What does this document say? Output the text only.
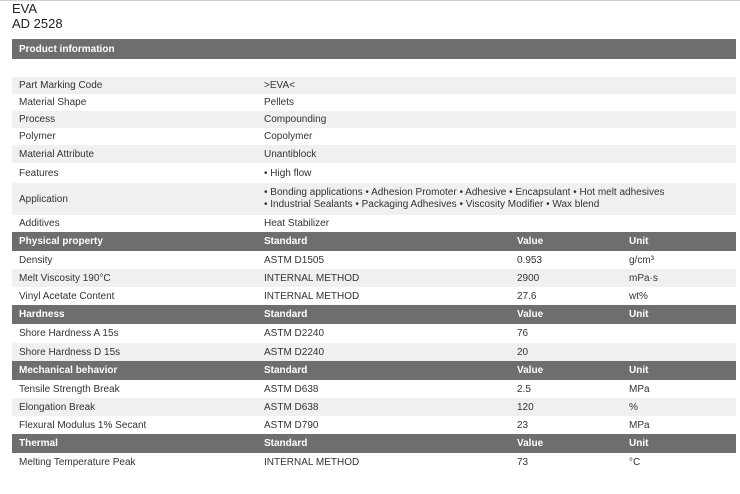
EVA
AD 2528
Product information
Part Marking Code	>EVA<
Material Shape	Pellets
Process	Compounding
Polymer	Copolymer
Material Attribute	Unantiblock
Features	• High flow
Application
• Bonding applications • Adhesion Promoter • Adhesive • Encapsulant • Hot melt adhesives
• Industrial Sealants • Packaging Adhesives • Viscosity Modifier • Wax blend
Additives	Heat Stabilizer
Physical property	Standard	Value	Unit
Density	ASTM D1505	0.953	g/cm³
Melt Viscosity 190°C	INTERNAL METHOD	2900	mPa·s
Vinyl Acetate Content	INTERNAL METHOD	27.6	wt%
Hardness	Standard	Value	Unit
Shore Hardness A 15s	ASTM D2240	76
Shore Hardness D 15s	ASTM D2240	20
Mechanical behavior	Standard	Value	Unit
Tensile Strength Break	ASTM D638	2.5	MPa
Elongation Break	ASTM D638	120	%
Flexural Modulus 1% Secant	ASTM D790	23	MPa
Thermal	Standard	Value	Unit
Melting Temperature Peak	INTERNAL METHOD	73	°C
